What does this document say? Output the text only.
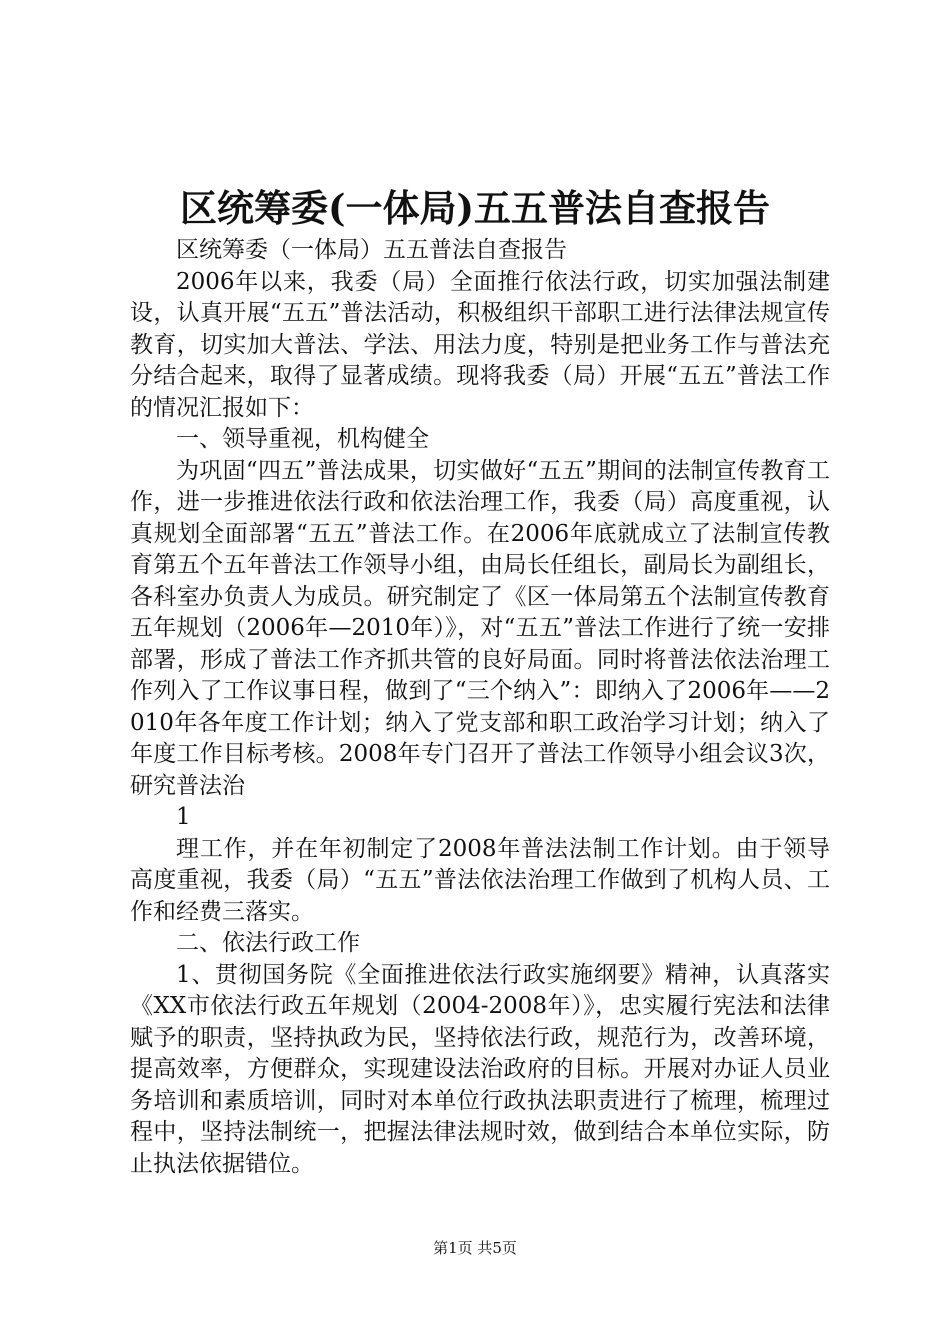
区统筹委(一体局)五五普法自查报告

区统筹委（一体局）五五普法自查报告

2006年以来，我委（局）全面推行依法行政，切实加强法制建设，认真开展“五五”普法活动，积极组织干部职工进行法律法规宣传教育，切实加大普法、学法、用法力度，特别是把业务工作与普法充分结合起来，取得了显著成绩。现将我委（局）开展“五五”普法工作的情况汇报如下：

一、领导重视，机构健全

为巩固“四五”普法成果，切实做好“五五”期间的法制宣传教育工作，进一步推进依法行政和依法治理工作，我委（局）高度重视，认真规划全面部署“五五”普法工作。在2006年底就成立了法制宣传教育第五个五年普法工作领导小组，由局长任组长，副局长为副组长，各科室办负责人为成员。研究制定了《区一体局第五个法制宣传教育五年规划（2006年—2010年）》，对“五五”普法工作进行了统一安排部署，形成了普法工作齐抓共管的良好局面。同时将普法依法治理工作列入了工作议事日程，做到了“三个纳入”：即纳入了2006年——2010年各年度工作计划；纳入了党支部和职工政治学习计划；纳入了年度工作目标考核。2008年专门召开了普法工作领导小组会议3次，研究普法治

1

理工作，并在年初制定了2008年普法法制工作计划。由于领导高度重视，我委（局）“五五”普法依法治理工作做到了机构人员、工作和经费三落实。

二、依法行政工作

1、贯彻国务院《全面推进依法行政实施纲要》精神，认真落实《XX市依法行政五年规划（2004-2008年）》，忠实履行宪法和法律赋予的职责，坚持执政为民，坚持依法行政，规范行为，改善环境，提高效率，方便群众，实现建设法治政府的目标。开展对办证人员业务培训和素质培训，同时对本单位行政执法职责进行了梳理，梳理过程中，坚持法制统一，把握法律法规时效，做到结合本单位实际，防止执法依据错位。

第1页 共5页
